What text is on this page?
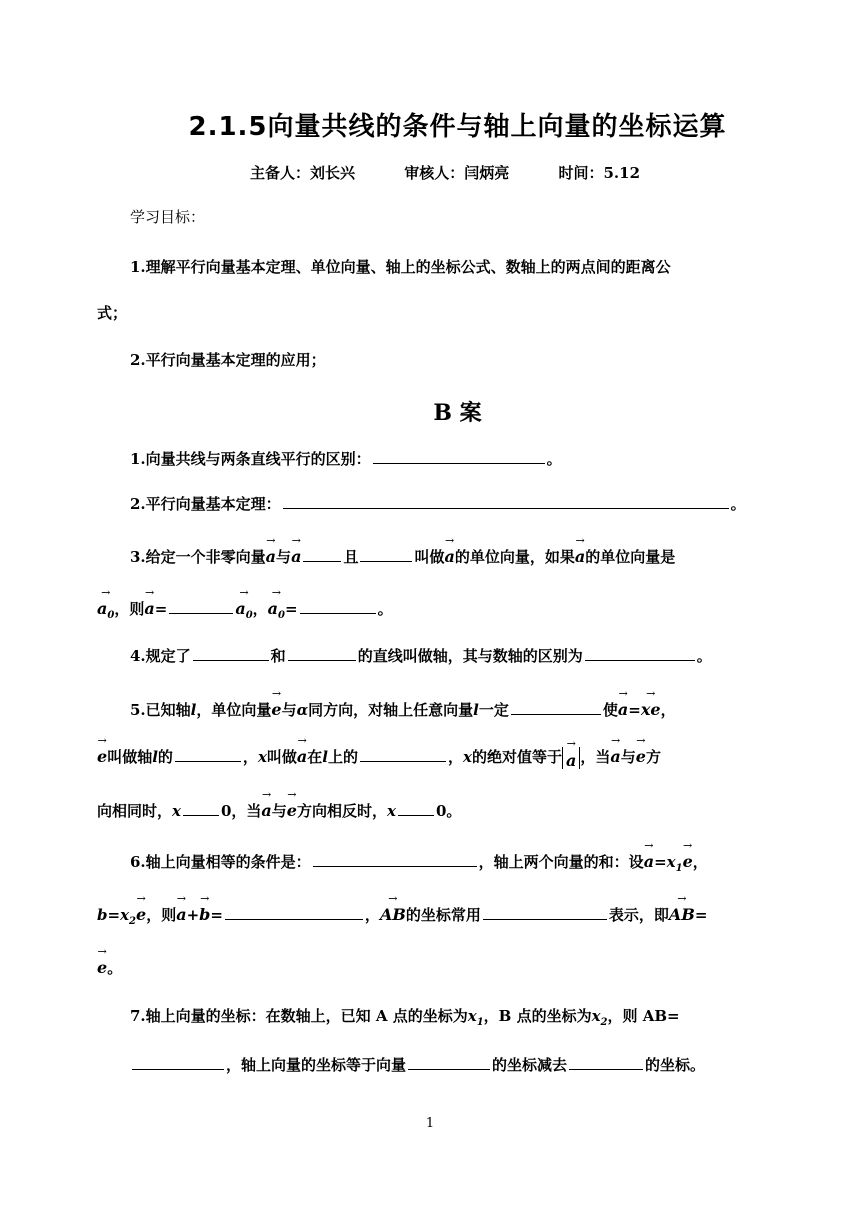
2.1.5向量共线的条件与轴上向量的坐标运算
主备人：刘长兴	审核人：闫炳亮	时间：5.12
学习目标：
1.理解平行向量基本定理、单位向量、轴上的坐标公式、数轴上的两点间的距离公
式；
2.平行向量基本定理的应用；
B 案
1.向量共线与两条直线平行的区别：	。
2.平行向量基本定理：	。
3.给定一个非零向量→ a与→ a	且	叫做→ a的单位向量，如果→ a的单位向量是
→ $a_0$，则→ a=	→ $a_0$，→ $a_0=$	。
4.规定了	和	的直线叫做轴，其与数轴的区别为	。
5.已知轴l，单位向量→ e与α同方向，对轴上任意向量l一定	使→ a=→ xe，
→ e叫做轴l的	，x叫做→ a在l上的	，x的绝对值等于 → a ，当→ a与→ e方
向相同时，x	0，当→ a与→ e方向相反时，x	0。
6.轴上向量相等的条件是：	，轴上两个向量的和：设→ $a=x_1\to e$，
$b=x_2\to e$，则→ a+→ b=	，→ AB的坐标常用	表示，即→ AB=
→ e。
7.轴上向量的坐标：在数轴上，已知 A 点的坐标为$x_1$，B 点的坐标为$x_2$，则 AB=
，轴上向量的坐标等于向量	的坐标减去	的坐标。
1
